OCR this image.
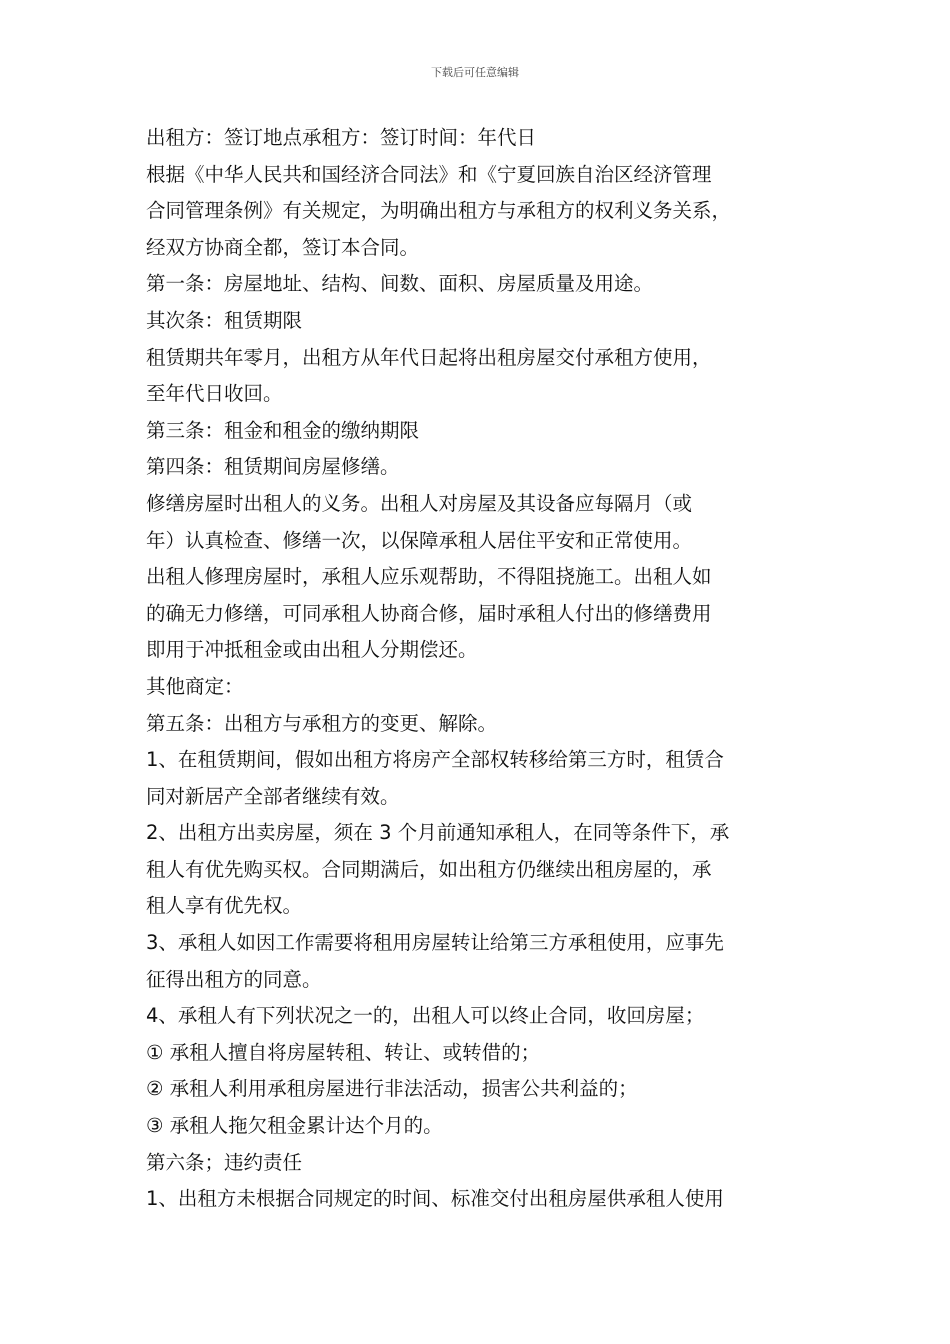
下载后可任意编辑
出租方：签订地点承租方：签订时间：年代日
根据《中华人民共和国经济合同法》和《宁夏回族自治区经济管理
合同管理条例》有关规定，为明确出租方与承租方的权利义务关系，
经双方协商全都，签订本合同。
第一条：房屋地址、结构、间数、面积、房屋质量及用途。
其次条：租赁期限
租赁期共年零月，出租方从年代日起将出租房屋交付承租方使用，
至年代日收回。
第三条：租金和租金的缴纳期限
第四条：租赁期间房屋修缮。
修缮房屋时出租人的义务。出租人对房屋及其设备应每隔月（或
年）认真检查、修缮一次，以保障承租人居住平安和正常使用。
出租人修理房屋时，承租人应乐观帮助，不得阻挠施工。出租人如
的确无力修缮，可同承租人协商合修，届时承租人付出的修缮费用
即用于冲抵租金或由出租人分期偿还。
其他商定：
第五条：出租方与承租方的变更、解除。
1、在租赁期间，假如出租方将房产全部权转移给第三方时，租赁合
同对新居产全部者继续有效。
2、出租方出卖房屋，须在 3 个月前通知承租人，在同等条件下，承
租人有优先购买权。合同期满后，如出租方仍继续出租房屋的，承
租人享有优先权。
3、承租人如因工作需要将租用房屋转让给第三方承租使用，应事先
征得出租方的同意。
4、承租人有下列状况之一的，出租人可以终止合同，收回房屋；
① 承租人擅自将房屋转租、转让、或转借的；
② 承租人利用承租房屋进行非法活动，损害公共利益的；
③ 承租人拖欠租金累计达个月的。
第六条；违约责任
1、出租方未根据合同规定的时间、标准交付出租房屋供承租人使用
